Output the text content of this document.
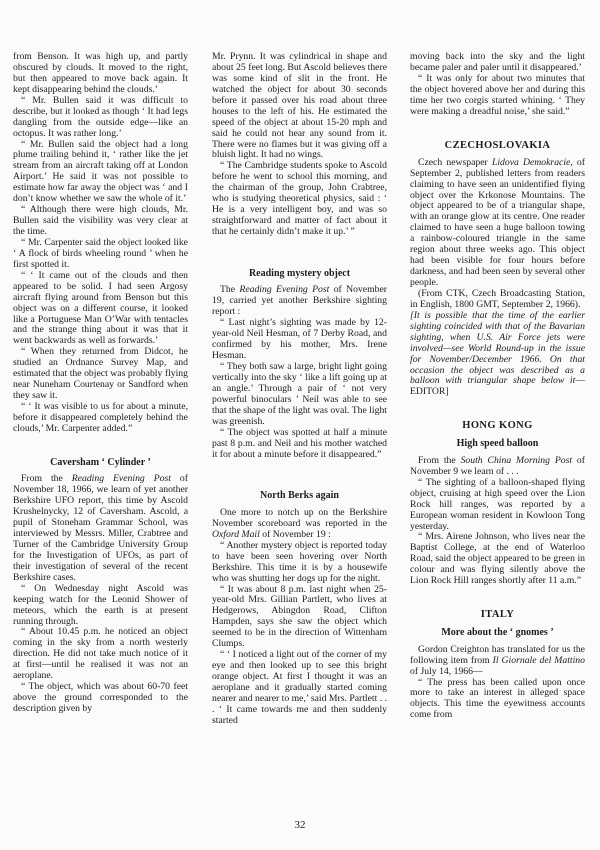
from Benson. It was high up, and partly obscured by clouds. It moved to the right, but then appeared to move back again. It kept disappearing behind the clouds.’

“ Mr. Bullen said it was difficult to describe, but it looked as though ‘ It had legs dangling from the outside edge—like an octopus. It was rather long.’

“ Mr. Bullen said the object had a long plume trailing behind it, ‘ rather like the jet stream from an aircraft taking off at London Airport.’ He said it was not possible to estimate how far away the object was ‘ and I don’t know whether we saw the whole of it.’

“ Although there were high clouds, Mr. Bullen said the visibility was very clear at the time.

“ Mr. Carpenter said the object looked like ‘ A flock of birds wheeling round ’ when he first spotted it.

“ ‘ It came out of the clouds and then appeared to be solid. I had seen Argosy aircraft flying around from Benson but this object was on a different course, it looked like a Portuguese Man O’War with tentacles and the strange thing about it was that it went backwards as well as forwards.’

“ When they returned from Didcot, he studied an Ordnance Survey Map, and estimated that the object was probably flying near Nuneham Courtenay or Sandford when they saw it.

“ ‘ It was visible to us for about a minute, before it disappeared completely behind the clouds,’ Mr. Carpenter added.”

Caversham ‘ Cylinder ’

From the Reading Evening Post of November 18, 1966, we learn of yet another Berkshire UFO report, this time by Ascold Krushelnycky, 12 of Caversham. Ascold, a pupil of Stoneham Grammar School, was interviewed by Messrs. Miller, Crabtree and Turner of the Cambridge University Group for the Investigation of UFOs, as part of their investigation of several of the recent Berkshire cases.

“ On Wednesday night Ascold was keeping watch for the Leonid Shower of meteors, which the earth is at present running through.

“ About 10.45 p.m. he noticed an object coming in the sky from a north westerly direction. He did not take much notice of it at first—until he realised it was not an aeroplane.

“ The object, which was about 60-70 feet above the ground corresponded to the description given by

Mr. Prynn. It was cylindrical in shape and about 25 feet long. But Ascold believes there was some kind of slit in the front. He watched the object for about 30 seconds before it passed over his road about three houses to the left of his. He estimated the speed of the object at about 15-20 mph and said he could not hear any sound from it. There were no flames but it was giving off a bluish light. It had no wings.

“ The Cambridge students spoke to Ascold before he went to school this morning, and the chairman of the group, John Crabtree, who is studying theoretical physics, said : ‘ He is a very intelligent boy, and was so straightforward and matter of fact about it that he certainly didn’t make it up.’ ”

Reading mystery object

The Reading Evening Post of November 19, carried yet another Berkshire sighting report :

“ Last night’s sighting was made by 12-year-old Neil Hesman, of 7 Derby Road, and confirmed by his mother, Mrs. Irene Hesman.

“ They both saw a large, bright light going vertically into the sky ‘ like a lift going up at an angle.’ Through a pair of ‘ not very powerful binoculars ’ Neil was able to see that the shape of the light was oval. The light was greenish.

“ The object was spotted at half a minute past 8 p.m. and Neil and his mother watched it for about a minute before it disappeared.”

North Berks again

One more to notch up on the Berkshire November scoreboard was reported in the Oxford Mail of November 19 :

“ Another mystery object is reported today to have been seen hovering over North Berkshire. This time it is by a housewife who was shutting her dogs up for the night.

“ It was about 8 p.m. last night when 25-year-old Mrs. Gillian Partlett, who lives at Hedgerows, Abingdon Road, Clifton Hampden, says she saw the object which seemed to be in the direction of Wittenham Clumps.

“ ‘ I noticed a light out of the corner of my eye and then looked up to see this bright orange object. At first I thought it was an aeroplane and it gradually started coming nearer and nearer to me,’ said Mrs. Partlett . . . ‘ It came towards me and then suddenly started

moving back into the sky and the light became paler and paler until it disappeared.’

“ It was only for about two minutes that the object hovered above her and during this time her two corgis started whining. ‘ They were making a dreadful noise,’ she said.”

CZECHOSLOVAKIA

Czech newspaper Lidova Demokracie, of September 2, published letters from readers claiming to have seen an unidentified flying object over the Krkonose Mountains. The object appeared to be of a triangular shape, with an orange glow at its centre. One reader claimed to have seen a huge balloon towing a rainbow-coloured triangle in the same region about three weeks ago. This object had been visible for four hours before darkness, and had been seen by several other people.

(From CTK, Czech Broadcasting Station, in English, 1800 GMT, September 2, 1966).

[It is possible that the time of the earlier sighting coincided with that of the Bavarian sighting, when U.S. Air Force jets were involved—see World Round-up in the issue for November/December 1966. On that occasion the object was described as a balloon with triangular shape below it—EDITOR]

HONG KONG
High speed balloon

From the South China Morning Post of November 9 we learn of . . .

“ The sighting of a balloon-shaped flying object, cruising at high speed over the Lion Rock hill ranges, was reported by a European woman resident in Kowloon Tong yesterday.

“ Mrs. Airene Johnson, who lives near the Baptist College, at the end of Waterloo Road, said the object appeared to be green in colour and was flying silently above the Lion Rock Hill ranges shortly after 11 a.m.”

ITALY
More about the ‘ gnomes ’

Gordon Creighton has translated for us the following item from Il Giornale del Mattino of July 14, 1966—

“ The press has been called upon once more to take an interest in alleged space objects. This time the eyewitness accounts come from

32
